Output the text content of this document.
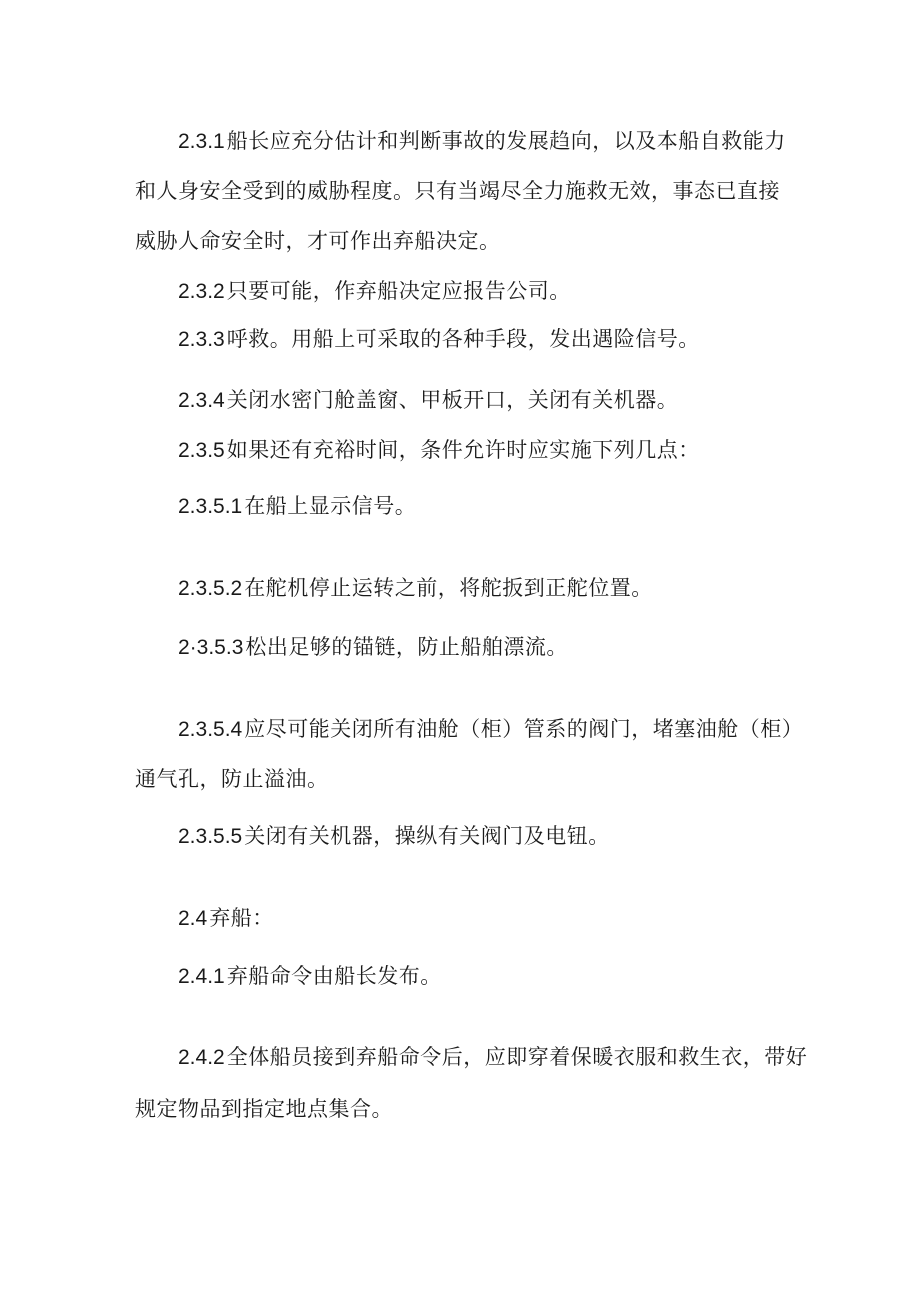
2.3.1船长应充分估计和判断事故的发展趋向，以及本船自救能力

和人身安全受到的威胁程度。只有当竭尽全力施救无效，事态已直接

威胁人命安全时，才可作出弃船决定。

2.3.2只要可能，作弃船决定应报告公司。

2.3.3呼救。用船上可采取的各种手段，发出遇险信号。

2.3.4关闭水密门舱盖窗、甲板开口，关闭有关机器。

2.3.5如果还有充裕时间，条件允许时应实施下列几点：

2.3.5.1在船上显示信号。

2.3.5.2在舵机停止运转之前，将舵扳到正舵位置。

2·3.5.3松出足够的锚链，防止船舶漂流。

2.3.5.4应尽可能关闭所有油舱（柜）管系的阀门，堵塞油舱（柜）

通气孔，防止溢油。

2.3.5.5关闭有关机器，操纵有关阀门及电钮。

2.4弃船：

2.4.1弃船命令由船长发布。

2.4.2全体船员接到弃船命令后，应即穿着保暖衣服和救生衣，带好

规定物品到指定地点集合。
